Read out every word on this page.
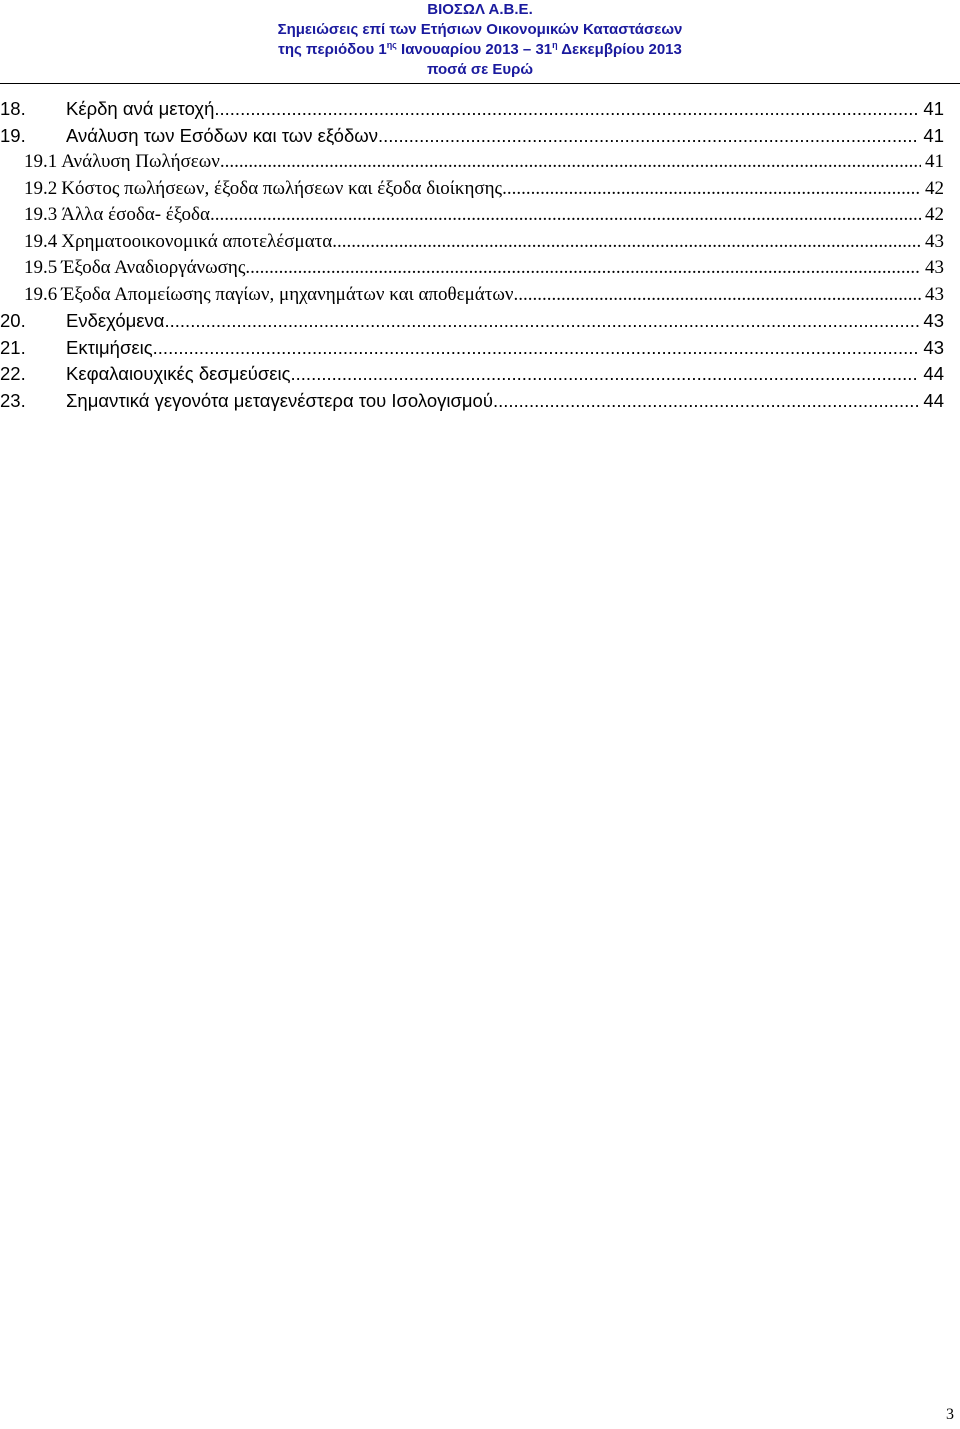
ΒΙΟΣΩΛ Α.Β.Ε.
Σημειώσεις επί των Ετήσιων Οικονομικών Καταστάσεων
της περιόδου $1^{\eta\varsigma}$ Ιανουαρίου $2013 - 31^\eta$ Δεκεμβρίου 2013
ποσά σε Ευρώ
18.	Κέρδη ανά μετοχή .....	41
19.	Ανάλυση των Εσόδων και των εξόδων .....	41
19.1 Ανάλυση Πωλήσεων .....	41
19.2 Κόστος πωλήσεων, έξοδα πωλήσεων και έξοδα διοίκησης .....	42
19.3 Άλλα έσοδα- έξοδα .....	42
19.4 Χρηματοοικονομικά αποτελέσματα .....	43
19.5 Έξοδα Αναδιοργάνωσης .....	43
19.6 Έξοδα Απομείωσης παγίων, μηχανημάτων και αποθεμάτων. .....	43
20.	Ενδεχόμενα .....	43
21.	Εκτιμήσεις .....	43
22.	Κεφαλαιουχικές δεσμεύσεις .....	44
23.	Σημαντικά γεγονότα μεταγενέστερα του Ισολογισμού .....	44
3
